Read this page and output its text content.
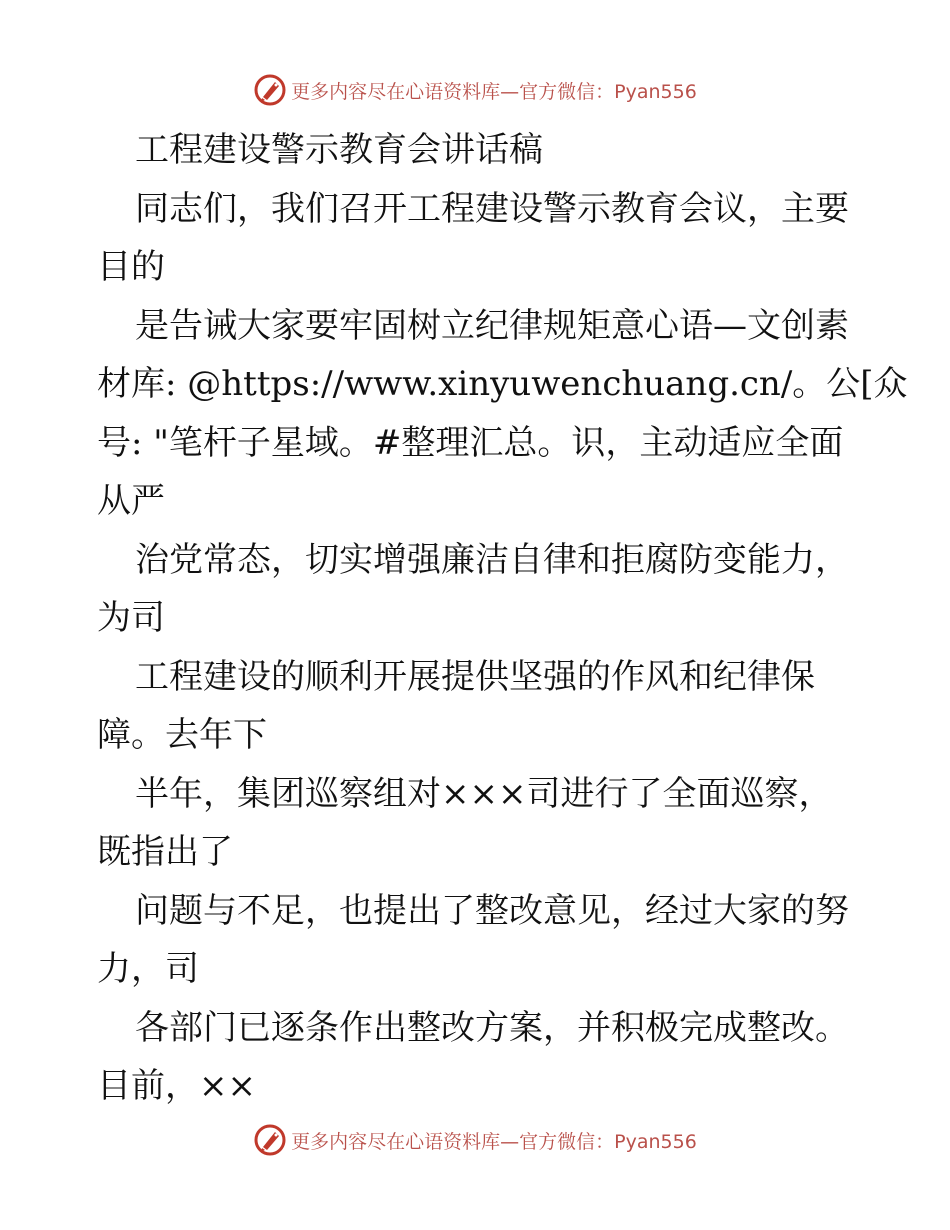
更多内容尽在心语资料库—官方微信：Pyan556
工程建设警示教育会讲话稿
同志们，我们召开工程建设警示教育会议，主要
目的
是告诫大家要牢固树立纪律规矩意心语—文创素
材库: @https://www.xinyuwenchuang.cn/。公[众
号: "笔杆子星域。#整理汇总。识，主动适应全面
从严
治党常态，切实增强廉洁自律和拒腐防变能力，
为司
工程建设的顺利开展提供坚强的作风和纪律保
障。去年下
半年，集团巡察组对×××司进行了全面巡察，
既指出了
问题与不足，也提出了整改意见，经过大家的努
力，司
各部门已逐条作出整改方案，并积极完成整改。
目前，××
更多内容尽在心语资料库—官方微信：Pyan556
